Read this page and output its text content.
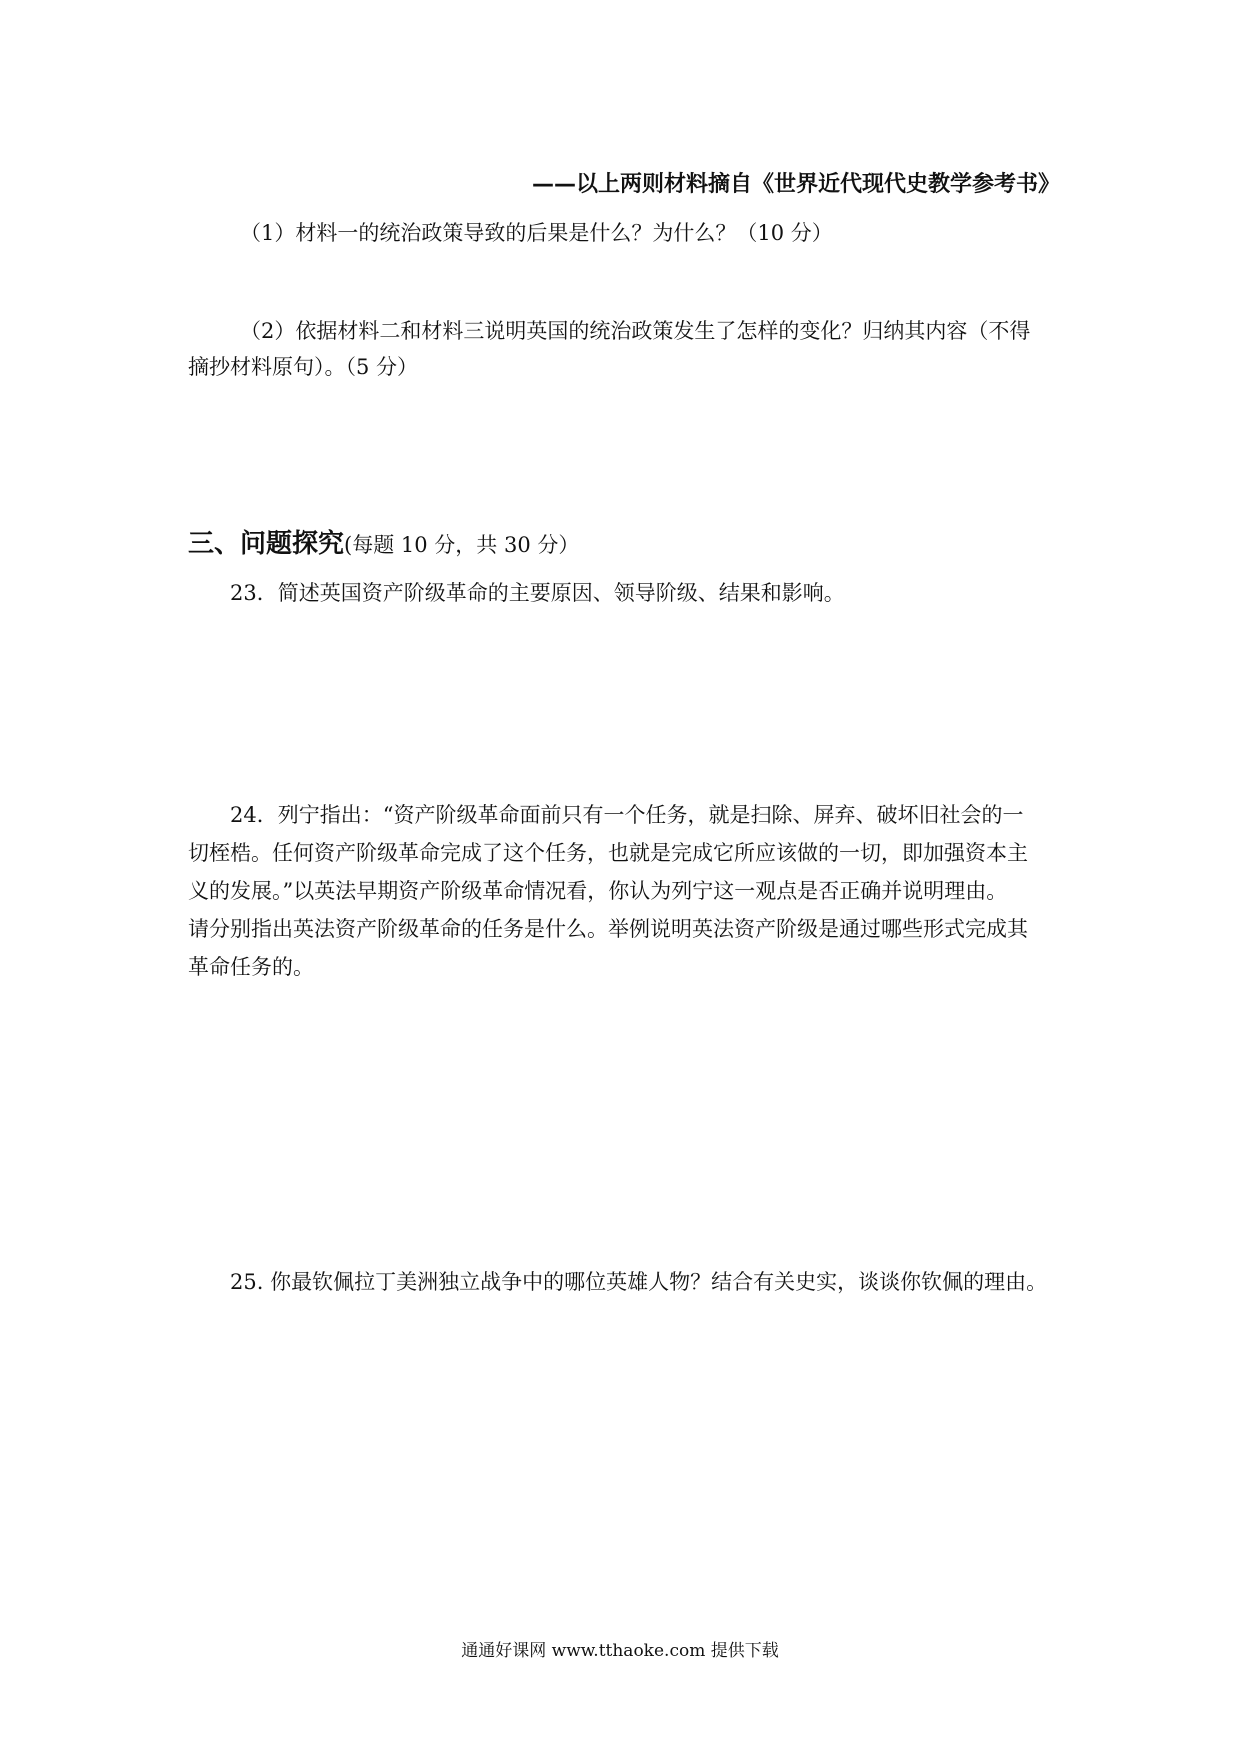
——以上两则材料摘自《世界近代现代史教学参考书》
（1）材料一的统治政策导致的后果是什么？为什么？（10 分）
（2）依据材料二和材料三说明英国的统治政策发生了怎样的变化？归纳其内容（不得
摘抄材料原句）。（5 分）
三、问题探究(每题 10 分，共 30 分）
23．简述英国资产阶级革命的主要原因、领导阶级、结果和影响。
24．列宁指出：“资产阶级革命面前只有一个任务，就是扫除、屏弃、破坏旧社会的一
切桎梏。任何资产阶级革命完成了这个任务，也就是完成它所应该做的一切，即加强资本主
义的发展。”以英法早期资产阶级革命情况看，你认为列宁这一观点是否正确并说明理由。
请分别指出英法资产阶级革命的任务是什么。举例说明英法资产阶级是通过哪些形式完成其
革命任务的。
25. 你最钦佩拉丁美洲独立战争中的哪位英雄人物？结合有关史实，谈谈你钦佩的理由。
通通好课网 www.tthaoke.com 提供下载
